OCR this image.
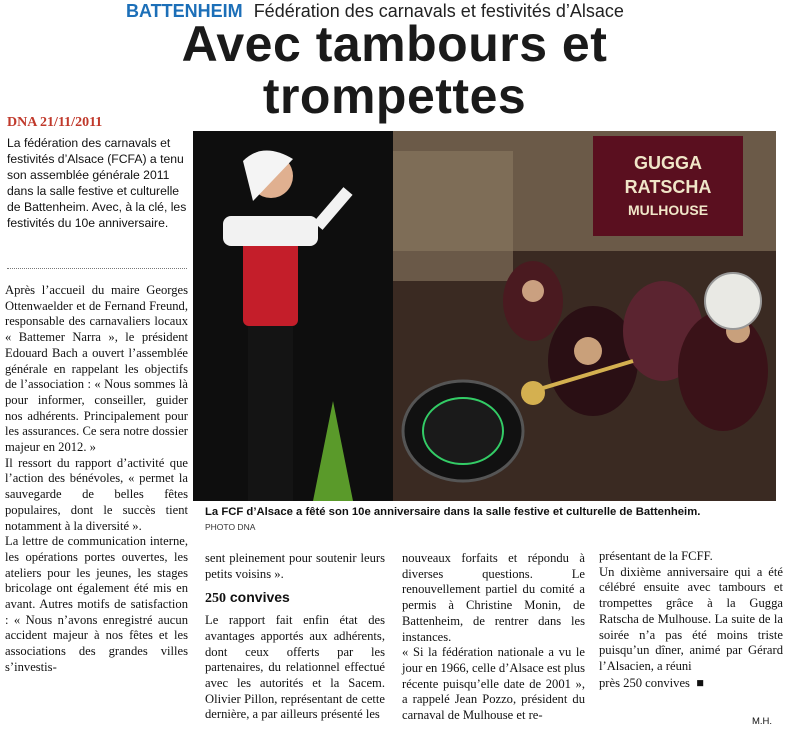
BATTENHEIM Fédération des carnavals et festivités d’Alsace
Avec tambours et
trompettes
DNA 21/11/2011
La fédération des carnavals et festivités d’Alsace (FCFA) a tenu son assemblée générale 2011 dans la salle festive et culturelle de Battenheim. Avec, à la clé, les festivités du 10e anniversaire.
GUGGA
RATSCHA
MULHOUSE
La FCF d’Alsace a fêté son 10e anniversaire dans la salle festive et culturelle de Battenheim.
PHOTO DNA

Après l’accueil du maire Georges Ottenwaelder et de Fernand Freund, responsable des carnavaliers locaux « Battemer Narra », le président Edouard Bach a ouvert l’assemblée générale en rappelant les objectifs de l’association : « Nous sommes là pour informer, conseiller, guider nos adhérents. Principalement pour les assurances. Ce sera notre dossier majeur en 2012. »

Il ressort du rapport d’activité que l’action des bénévoles, « permet la sauvegarde de belles fêtes populaires, dont le succès tient notamment à la diversité ».

La lettre de communication interne, les opérations portes ouvertes, les ateliers pour les jeunes, les stages bricolage ont également été mis en avant. Autres motifs de satisfaction : « Nous n’avons enregistré aucun accident majeur à nos fêtes et les associations des grandes villes s’investis-

sent pleinement pour soutenir leurs petits voisins ».

250 convives

Le rapport fait enfin état des avantages apportés aux adhérents, dont ceux offerts par les partenaires, du relationnel effectué avec les autorités et la Sacem. Olivier Pillon, représentant de cette dernière, a par ailleurs présenté les

nouveaux forfaits et répondu à diverses questions. Le renouvellement partiel du comité a permis à Christine Monin, de Battenheim, de rentrer dans les instances.

« Si la fédération nationale a vu le jour en 1966, celle d’Alsace est plus récente puisqu’elle date de 2001 », a rappelé Jean Pozzo, président du carnaval de Mulhouse et re-

présentant de la FCFF.

Un dixième anniversaire qui a été célébré ensuite avec tambours et trompettes grâce à la Gugga Ratscha de Mulhouse. La suite de la soirée n’a pas été moins triste puisqu’un dîner, animé par Gérard l’Alsacien, a réuni

près 250 convives  ■

M.H.
